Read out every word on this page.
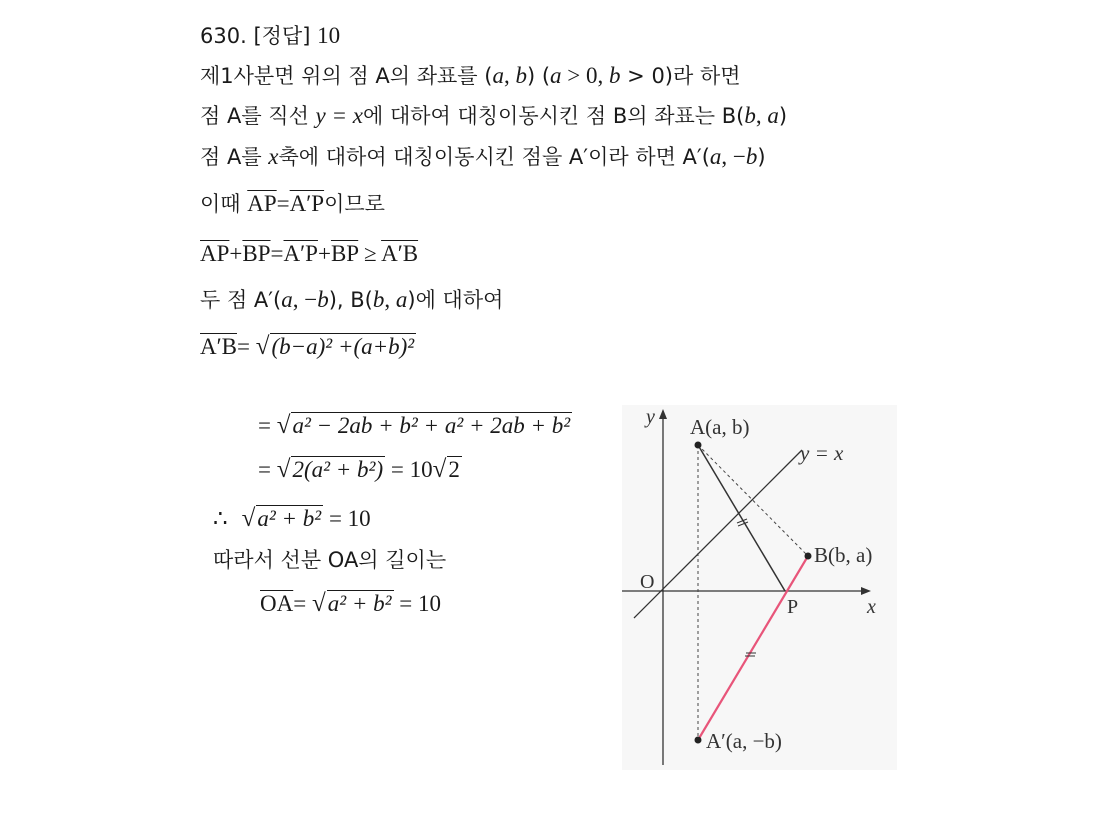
630. [정답] 10
제1사분면 위의 점 A의 좌표를 (a, b) (a > 0, b > 0)라 하면
점 A를 직선 y = x에 대하여 대칭이동시킨 점 B의 좌표는 B(b, a)
점 A를 x축에 대하여 대칭이동시킨 점을 A′이라 하면 A′(a, −b)
이때 $\overline{AP}=A'P$이므로
$\overline{AP}+\overline{BP}=A'P+\overline{BP} \ge A'B$
두 점 A′(a, −b), B(b, a)에 대하여
A′B= √(b−a)² +(a+b)²
= √a² − 2ab + b² + a² + 2ab + b²
= √2(a² + b²) = 10√2
∴ √a² + b² = 10
따라서 선분 OA의 길이는
$\overline{OA}= √a^2 + b^2 = 10$
y
x
O
A(a, b)
y = x
B(b, a)
P
A′(a, −b)
